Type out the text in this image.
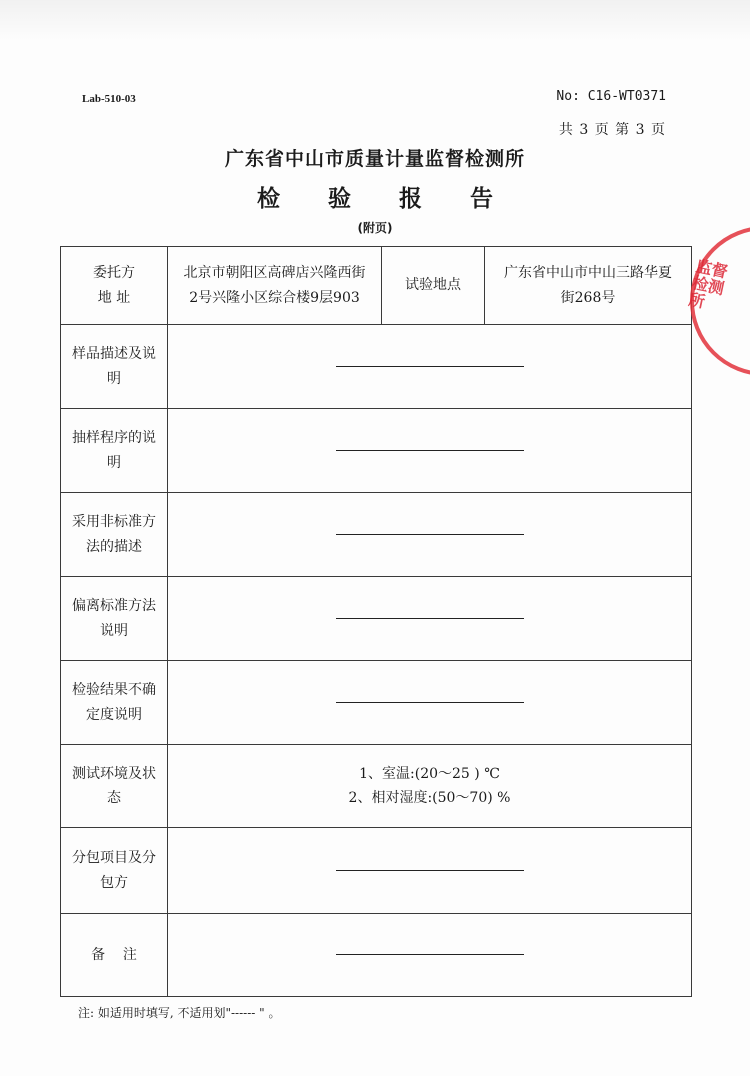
Lab-510-03	No: C16-WT0371
共 3 页 第 3 页
广东省中山市质量计量监督检测所
检 验 报 告
(附页)
委托方
地 址	北京市朝阳区高碑店兴隆西街2号兴隆小区综合楼9层903	试验地点	广东省中山市中山三路华夏街268号
样品描述及说明			
抽样程序的说明			
采用非标准方法的描述			
偏离标准方法说明			
检验结果不确定度说明			
测试环境及状态	1、室温:(20～25 ) ℃
2、相对湿度:(50～70) %		

分包项目及分包方			
备    注			
注: 如适用时填写, 不适用划"------ " 。
监督检测所
